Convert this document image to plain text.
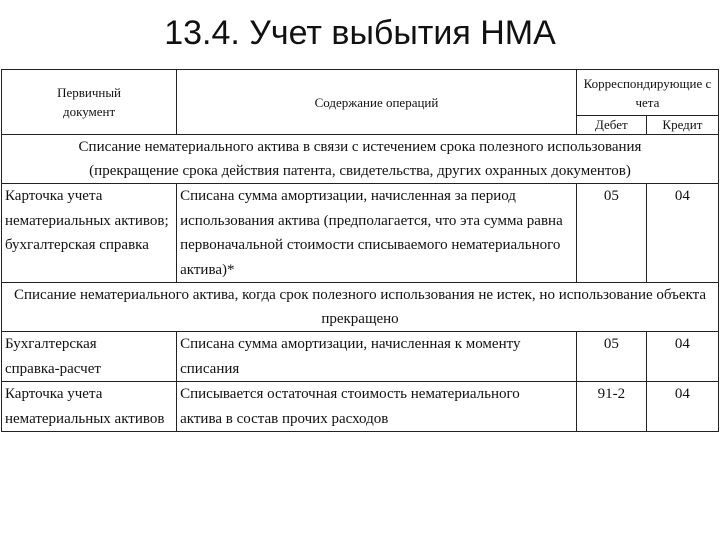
13.4. Учет выбытия НМА
Первичный документ	Содержание операций	Корреспондирующие счета	
		Дебет	Кредит

Списание нематериального актива в связи с истечением срока полезного использования
(прекращение срока действия патента, свидетельства, других охранных документов)			

Карточка учета нематериальных активов; бухгалтерская справка	Списана сумма амортизации, начисленная за период использования актива (предполагается, что эта сумма равна первоначальной стоимости списываемого нематериального актива)*	05	04
Списание нематериального актива, когда срок полезного использования не истек, но использование объекта прекращено			
Бухгалтерская справка-расчет	Списана сумма амортизации, начисленная к моменту списания	05	04
Карточка учета нематериальных активов	Списывается остаточная стоимость нематериального актива в состав прочих расходов	91-2	04
